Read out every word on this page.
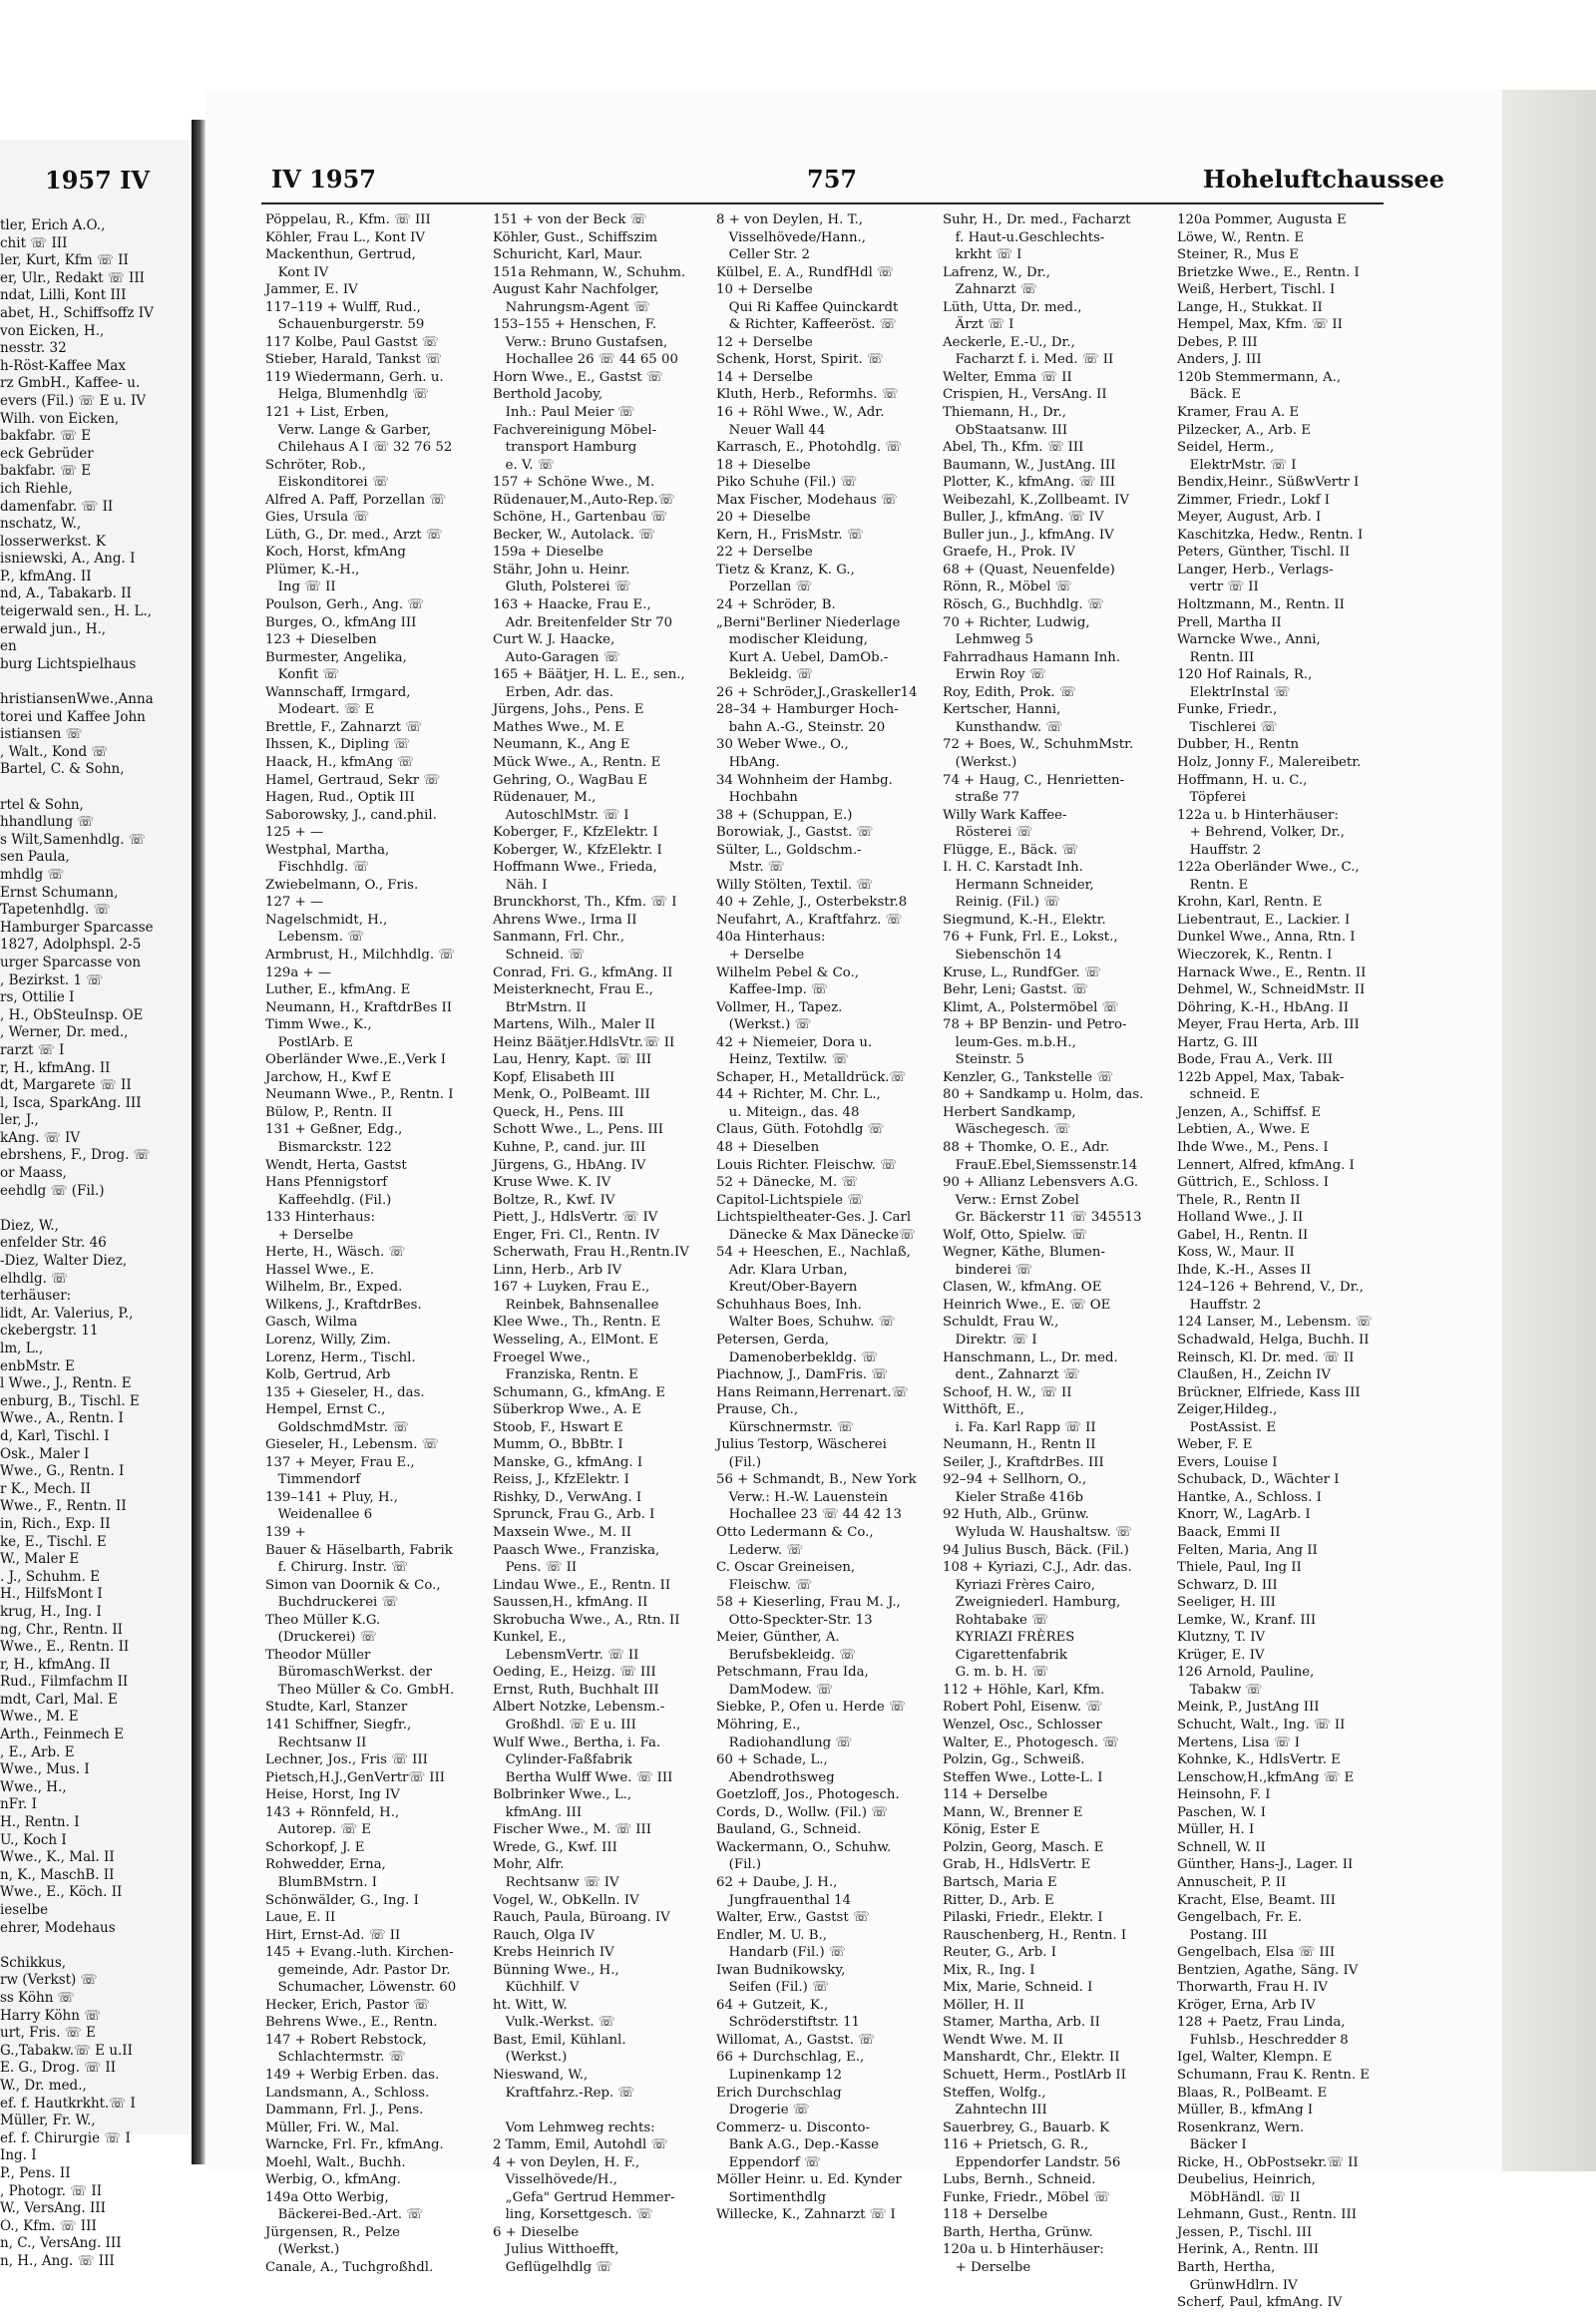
1957 IV
tler, Erich A.O.,
chit ☏ III
ler, Kurt, Kfm ☏ II
er, Ulr., Redakt ☏ III
ndat, Lilli, Kont III
abet, H., Schiffsoffz IV
von Eicken, H.,
nesstr. 32
h-Röst-Kaffee Max
rz GmbH., Kaffee- u.
evers (Fil.) ☏ E u. IV
Wilh. von Eicken,
bakfabr. ☏ E
eck Gebrüder
bakfabr. ☏ E
ich Riehle,
damenfabr. ☏ II
nschatz, W.,
losserwerkst. K
isniewski, A., Ang. I
P., kfmAng. II
nd, A., Tabakarb. II
teigerwald sen., H. L.,
erwald jun., H.,
en
burg Lichtspielhaus

hristiansenWwe.,Anna
torei und Kaffee John
istiansen ☏
, Walt., Kond ☏
Bartel, C. & Sohn,

rtel & Sohn,
hhandlung ☏
s Wilt,Samenhdlg. ☏
sen Paula,
mhdlg ☏
Ernst Schumann,
Tapetenhdlg. ☏
Hamburger Sparcasse
1827, Adolphspl. 2-5
urger Sparcasse von
, Bezirkst. 1 ☏
rs, Ottilie I
, H., ObSteuInsp. OE
, Werner, Dr. med.,
rarzt ☏ I
r, H., kfmAng. II
dt, Margarete ☏ II
l, Isca, SparkAng. III
ler, J.,
kAng. ☏ IV
ebrshens, F., Drog. ☏
or Maass,
eehdlg ☏ (Fil.)

Diez, W.,
enfelder Str. 46
-Diez, Walter Diez,
elhdlg. ☏
terhäuser:
lidt, Ar. Valerius, P.,
ckebergstr. 11
lm, L.,
enbMstr. E
l Wwe., J., Rentn. E
enburg, B., Tischl. E
Wwe., A., Rentn. I
d, Karl, Tischl. I
Osk., Maler I
Wwe., G., Rentn. I
r K., Mech. II
Wwe., F., Rentn. II
in, Rich., Exp. II
ke, E., Tischl. E
W., Maler E
. J., Schuhm. E
H., HilfsMont I
krug, H., Ing. I
ng, Chr., Rentn. II
Wwe., E., Rentn. II
r, H., kfmAng. II
Rud., Filmfachm II
mdt, Carl, Mal. E
Wwe., M. E
Arth., Feinmech E
, E., Arb. E
Wwe., Mus. I
Wwe., H.,
nFr. I
H., Rentn. I
U., Koch I
Wwe., K., Mal. II
n, K., MaschB. II
Wwe., E., Köch. II
ieselbe
ehrer, Modehaus

Schikkus,
rw (Verkst) ☏
ss Köhn ☏
Harry Köhn ☏
urt, Fris. ☏ E
G.,Tabakw.☏ E u.II
E. G., Drog. ☏ II
W., Dr. med.,
ef. f. Hautkrkht.☏ I
Müller, Fr. W.,
ef. f. Chirurgie ☏ I
Ing. I
P., Pens. II
, Photogr. ☏ II
W., VersAng. III
O., Kfm. ☏ III
n, C., VersAng. III
n, H., Ang. ☏ III
IV 1957	757	Hoheluftchaussee
Pöppelau, R., Kfm. ☏ III
Köhler, Frau L., Kont IV
Mackenthun, Gertrud,
Kont IV
Jammer, E. IV
117–119 + Wulff, Rud.,
Schauenburgerstr. 59
117 Kolbe, Paul Gastst ☏
Stieber, Harald, Tankst ☏
119 Wiedermann, Gerh. u.
Helga, Blumenhdlg ☏
121 + List, Erben,
Verw. Lange & Garber,
Chilehaus A I ☏ 32 76 52
Schröter, Rob.,
Eiskonditorei ☏
Alfred A. Paff, Porzellan ☏
Gies, Ursula ☏
Lüth, G., Dr. med., Arzt ☏
Koch, Horst, kfmAng
Plümer, K.-H.,
Ing ☏ II
Poulson, Gerh., Ang. ☏
Burges, O., kfmAng III
123 + Dieselben
Burmester, Angelika,
Konfit ☏
Wannschaff, Irmgard,
Modeart. ☏ E
Brettle, F., Zahnarzt ☏
Ihssen, K., Dipling ☏
Haack, H., kfmAng ☏
Hamel, Gertraud, Sekr ☏
Hagen, Rud., Optik III
Saborowsky, J., cand.phil.
125 + —
Westphal, Martha,
Fischhdlg. ☏
Zwiebelmann, O., Fris.
127 + —
Nagelschmidt, H.,
Lebensm. ☏
Armbrust, H., Milchhdlg. ☏
129a + —
Luther, E., kfmAng. E
Neumann, H., KraftdrBes II
Timm Wwe., K.,
PostlArb. E
Oberländer Wwe.,E.,Verk I
Jarchow, H., Kwf E
Neumann Wwe., P., Rentn. I
Bülow, P., Rentn. II
131 + Geßner, Edg.,
Bismarckstr. 122
Wendt, Herta, Gastst
Hans Pfennigstorf
Kaffeehdlg. (Fil.)
133 Hinterhaus:
+ Derselbe
Herte, H., Wäsch. ☏
Hassel Wwe., E.
Wilhelm, Br., Exped.
Wilkens, J., KraftdrBes.
Gasch, Wilma
Lorenz, Willy, Zim.
Lorenz, Herm., Tischl.
Kolb, Gertrud, Arb
135 + Gieseler, H., das.
Hempel, Ernst C.,
GoldschmdMstr. ☏
Gieseler, H., Lebensm. ☏
137 + Meyer, Frau E.,
Timmendorf
139–141 + Pluy, H.,
Weidenallee 6
139 +
Bauer & Häselbarth, Fabrik
f. Chirurg. Instr. ☏
Simon van Doornik & Co.,
Buchdruckerei ☏
Theo Müller K.G.
(Druckerei) ☏
Theodor Müller
BüromaschWerkst. der
Theo Müller & Co. GmbH.
Studte, Karl, Stanzer
141 Schiffner, Siegfr.,
Rechtsanw II
Lechner, Jos., Fris ☏ III
Pietsch,H.J.,GenVertr☏ III
Heise, Horst, Ing IV
143 + Rönnfeld, H.,
Autorep. ☏ E
Schorkopf, J. E
Rohwedder, Erna,
BlumBMstrn. I
Schönwälder, G., Ing. I
Laue, E. II
Hirt, Ernst-Ad. ☏ II
145 + Evang.-luth. Kirchen-
gemeinde, Adr. Pastor Dr.
Schumacher, Löwenstr. 60
Hecker, Erich, Pastor ☏
Behrens Wwe., E., Rentn.
147 + Robert Rebstock,
Schlachtermstr. ☏
149 + Werbig Erben. das.
Landsmann, A., Schloss.
Dammann, Frl. J., Pens.
Müller, Fri. W., Mal.
Warncke, Frl. Fr., kfmAng.
Moehl, Walt., Buchh.
Werbig, O., kfmAng.
149a Otto Werbig,
Bäckerei-Bed.-Art. ☏
Jürgensen, R., Pelze
(Werkst.)
Canale, A., Tuchgroßhdl.
151 + von der Beck ☏
Köhler, Gust., Schiffszim
Schuricht, Karl, Maur.
151a Rehmann, W., Schuhm.
August Kahr Nachfolger,
Nahrungsm-Agent ☏
153–155 + Henschen, F.
Verw.: Bruno Gustafsen,
Hochallee 26 ☏ 44 65 00
Horn Wwe., E., Gastst ☏
Berthold Jacoby,
Inh.: Paul Meier ☏
Fachvereinigung Möbel-
transport Hamburg
e. V. ☏
157 + Schöne Wwe., M.
Rüdenauer,M.,Auto-Rep.☏
Schöne, H., Gartenbau ☏
Becker, W., Autolack. ☏
159a + Dieselbe
Stähr, John u. Heinr.
Gluth, Polsterei ☏
163 + Haacke, Frau E.,
Adr. Breitenfelder Str 70
Curt W. J. Haacke,
Auto-Garagen ☏
165 + Bäätjer, H. L. E., sen.,
Erben, Adr. das.
Jürgens, Johs., Pens. E
Mathes Wwe., M. E
Neumann, K., Ang E
Mück Wwe., A., Rentn. E
Gehring, O., WagBau E
Rüdenauer, M.,
AutoschlMstr. ☏ I
Koberger, F., KfzElektr. I
Koberger, W., KfzElektr. I
Hoffmann Wwe., Frieda,
Näh. I
Brunckhorst, Th., Kfm. ☏ I
Ahrens Wwe., Irma II
Sanmann, Frl. Chr.,
Schneid. ☏
Conrad, Fri. G., kfmAng. II
Meisterknecht, Frau E.,
BtrMstrn. II
Martens, Wilh., Maler II
Heinz Bäätjer.HdlsVtr.☏ II
Lau, Henry, Kapt. ☏ III
Kopf, Elisabeth III
Menk, O., PolBeamt. III
Queck, H., Pens. III
Schott Wwe., L., Pens. III
Kuhne, P., cand. jur. III
Jürgens, G., HbAng. IV
Kruse Wwe. K. IV
Boltze, R., Kwf. IV
Piett, J., HdlsVertr. ☏ IV
Enger, Fri. Cl., Rentn. IV
Scherwath, Frau H.,Rentn.IV
Linn, Herb., Arb IV
167 + Luyken, Frau E.,
Reinbek, Bahnsenallee
Klee Wwe., Th., Rentn. E
Wesseling, A., ElMont. E
Froegel Wwe.,
Franziska, Rentn. E
Schumann, G., kfmAng. E
Süberkrop Wwe., A. E
Stoob, F., Hswart E
Mumm, O., BbBtr. I
Manske, G., kfmAng. I
Reiss, J., KfzElektr. I
Rishky, D., VerwAng. I
Sprunck, Frau G., Arb. I
Maxsein Wwe., M. II
Paasch Wwe., Franziska,
Pens. ☏ II
Lindau Wwe., E., Rentn. II
Saussen,H., kfmAng. II
Skrobucha Wwe., A., Rtn. II
Kunkel, E.,
LebensmVertr. ☏ II
Oeding, E., Heizg. ☏ III
Ernst, Ruth, Buchhalt III
Albert Notzke, Lebensm.-
Großhdl. ☏ E u. III
Wulf Wwe., Bertha, i. Fa.
Cylinder-Faßfabrik
Bertha Wulff Wwe. ☏ III
Bolbrinker Wwe., L.,
kfmAng. III
Fischer Wwe., M. ☏ III
Wrede, G., Kwf. III
Mohr, Alfr.
Rechtsanw ☏ IV
Vogel, W., ObKelln. IV
Rauch, Paula, Büroang. IV
Rauch, Olga IV
Krebs Heinrich IV
Bünning Wwe., H.,
Küchhilf. V
ht. Witt, W.
Vulk.-Werkst. ☏
Bast, Emil, Kühlanl.
(Werkst.)
Nieswand, W.,
Kraftfahrz.-Rep. ☏

Vom Lehmweg rechts:
2 Tamm, Emil, Autohdl ☏
4 + von Deylen, H. F.,
Visselhövede/H.,
„Gefa" Gertrud Hemmer-
ling, Korsettgesch. ☏
6 + Dieselbe
Julius Witthoefft,
Geflügelhdlg ☏
8 + von Deylen, H. T.,
Visselhövede/Hann.,
Celler Str. 2
Külbel, E. A., RundfHdl ☏
10 + Derselbe
Qui Ri Kaffee Quinckardt
& Richter, Kaffeeröst. ☏
12 + Derselbe
Schenk, Horst, Spirit. ☏
14 + Derselbe
Kluth, Herb., Reformhs. ☏
16 + Röhl Wwe., W., Adr.
Neuer Wall 44
Karrasch, E., Photohdlg. ☏
18 + Dieselbe
Piko Schuhe (Fil.) ☏
Max Fischer, Modehaus ☏
20 + Dieselbe
Kern, H., FrisMstr. ☏
22 + Derselbe
Tietz & Kranz, K. G.,
Porzellan ☏
24 + Schröder, B.
„Berni"Berliner Niederlage
modischer Kleidung,
Kurt A. Uebel, DamOb.-
Bekleidg. ☏
26 + Schröder,J.,Graskeller14
28–34 + Hamburger Hoch-
bahn A.-G., Steinstr. 20
30 Weber Wwe., O.,
HbAng.
34 Wohnheim der Hambg.
Hochbahn
38 + (Schuppan, E.)
Borowiak, J., Gastst. ☏
Sülter, L., Goldschm.-
Mstr. ☏
Willy Stölten, Textil. ☏
40 + Zehle, J., Osterbekstr.8
Neufahrt, A., Kraftfahrz. ☏
40a Hinterhaus:
+ Derselbe
Wilhelm Pebel & Co.,
Kaffee-Imp. ☏
Vollmer, H., Tapez.
(Werkst.) ☏
42 + Niemeier, Dora u.
Heinz, Textilw. ☏
Schaper, H., Metalldrück.☏
44 + Richter, M. Chr. L.,
u. Miteign., das. 48
Claus, Güth. Fotohdlg ☏
48 + Dieselben
Louis Richter. Fleischw. ☏
52 + Dänecke, M. ☏
Capitol-Lichtspiele ☏
Lichtspieltheater-Ges. J. Carl
Dänecke & Max Dänecke☏
54 + Heeschen, E., Nachlaß,
Adr. Klara Urban,
Kreut/Ober-Bayern
Schuhhaus Boes, Inh.
Walter Boes, Schuhw. ☏
Petersen, Gerda,
Damenoberbekldg. ☏
Piachnow, J., DamFris. ☏
Hans Reimann,Herrenart.☏
Prause, Ch.,
Kürschnermstr. ☏
Julius Testorp, Wäscherei
(Fil.)
56 + Schmandt, B., New York
Verw.: H.-W. Lauenstein
Hochallee 23 ☏ 44 42 13
Otto Ledermann & Co.,
Lederw. ☏
C. Oscar Greineisen,
Fleischw. ☏
58 + Kieserling, Frau M. J.,
Otto-Speckter-Str. 13
Meier, Günther, A.
Berufsbekleidg. ☏
Petschmann, Frau Ida,
DamModew. ☏
Siebke, P., Ofen u. Herde ☏
Möhring, E.,
Radiohandlung ☏
60 + Schade, L.,
Abendrothsweg
Goetzloff, Jos., Photogesch.
Cords, D., Wollw. (Fil.) ☏
Bauland, G., Schneid.
Wackermann, O., Schuhw.
(Fil.)
62 + Daube, J. H.,
Jungfrauenthal 14
Walter, Erw., Gastst ☏
Endler, M. U. B.,
Handarb (Fil.) ☏
Iwan Budnikowsky,
Seifen (Fil.) ☏
64 + Gutzeit, K.,
Schröderstiftstr. 11
Willomat, A., Gastst. ☏
66 + Durchschlag, E.,
Lupinenkamp 12
Erich Durchschlag
Drogerie ☏
Commerz- u. Disconto-
Bank A.G., Dep.-Kasse
Eppendorf ☏
Möller Heinr. u. Ed. Kynder
Sortimenthdlg
Willecke, K., Zahnarzt ☏ I
Suhr, H., Dr. med., Facharzt
f. Haut-u.Geschlechts-
krkht ☏ I
Lafrenz, W., Dr.,
Zahnarzt ☏
Lüth, Utta, Dr. med.,
Ärzt ☏ I
Aeckerle, E.-U., Dr.,
Facharzt f. i. Med. ☏ II
Welter, Emma ☏ II
Crispien, H., VersAng. II
Thiemann, H., Dr.,
ObStaatsanw. III
Abel, Th., Kfm. ☏ III
Baumann, W., JustAng. III
Plotter, K., kfmAng. ☏ III
Weibezahl, K.,Zollbeamt. IV
Buller, J., kfmAng. ☏ IV
Buller jun., J., kfmAng. IV
Graefe, H., Prok. IV
68 + (Quast, Neuenfelde)
Rönn, R., Möbel ☏
Rösch, G., Buchhdlg. ☏
70 + Richter, Ludwig,
Lehmweg 5
Fahrradhaus Hamann Inh.
Erwin Roy ☏
Roy, Edith, Prok. ☏
Kertscher, Hanni,
Kunsthandw. ☏
72 + Boes, W., SchuhmMstr.
(Werkst.)
74 + Haug, C., Henrietten-
straße 77
Willy Wark Kaffee-
Rösterei ☏
Flügge, E., Bäck. ☏
I. H. C. Karstadt Inh.
Hermann Schneider,
Reinig. (Fil.) ☏
Siegmund, K.-H., Elektr.
76 + Funk, Frl. E., Lokst.,
Siebenschön 14
Kruse, L., RundfGer. ☏
Behr, Leni; Gastst. ☏
Klimt, A., Polstermöbel ☏
78 + BP Benzin- und Petro-
leum-Ges. m.b.H.,
Steinstr. 5
Kenzler, G., Tankstelle ☏
80 + Sandkamp u. Holm, das.
Herbert Sandkamp,
Wäschegesch. ☏
88 + Thomke, O. E., Adr.
FrauE.Ebel,Siemssenstr.14
90 + Allianz Lebensvers A.G.
Verw.: Ernst Zobel
Gr. Bäckerstr 11 ☏ 345513
Wolf, Otto, Spielw. ☏
Wegner, Käthe, Blumen-
binderei ☏
Clasen, W., kfmAng. OE
Heinrich Wwe., E. ☏ OE
Schuldt, Frau W.,
Direktr. ☏ I
Hanschmann, L., Dr. med.
dent., Zahnarzt ☏
Schoof, H. W., ☏ II
Witthöft, E.,
i. Fa. Karl Rapp ☏ II
Neumann, H., Rentn II
Seiler, J., KraftdrBes. III
92–94 + Sellhorn, O.,
Kieler Straße 416b
92 Huth, Alb., Grünw.
Wyluda W. Haushaltsw. ☏
94 Julius Busch, Bäck. (Fil.)
108 + Kyriazi, C.J., Adr. das.
Kyriazi Frères Cairo,
Zweigniederl. Hamburg,
Rohtabake ☏
KYRIAZI FRÈRES
Cigarettenfabrik
G. m. b. H. ☏
112 + Höhle, Karl, Kfm.
Robert Pohl, Eisenw. ☏
Wenzel, Osc., Schlosser
Walter, E., Photogesch. ☏
Polzin, Gg., Schweiß.
Steffen Wwe., Lotte-L. I
114 + Derselbe
Mann, W., Brenner E
König, Ester E
Polzin, Georg, Masch. E
Grab, H., HdlsVertr. E
Bartsch, Maria E
Ritter, D., Arb. E
Pilaski, Friedr., Elektr. I
Rauschenberg, H., Rentn. I
Reuter, G., Arb. I
Mix, R., Ing. I
Mix, Marie, Schneid. I
Möller, H. II
Stamer, Martha, Arb. II
Wendt Wwe. M. II
Manshardt, Chr., Elektr. II
Schuett, Herm., PostlArb II
Steffen, Wolfg.,
Zahntechn III
Sauerbrey, G., Bauarb. K
116 + Prietsch, G. R.,
Eppendorfer Landstr. 56
Lubs, Bernh., Schneid.
Funke, Friedr., Möbel ☏
118 + Derselbe
Barth, Hertha, Grünw.
120a u. b Hinterhäuser:
+ Derselbe
120a Pommer, Augusta E
Löwe, W., Rentn. E
Steiner, R., Mus E
Brietzke Wwe., E., Rentn. I
Weiß, Herbert, Tischl. I
Lange, H., Stukkat. II
Hempel, Max, Kfm. ☏ II
Debes, P. III
Anders, J. III
120b Stemmermann, A.,
Bäck. E
Kramer, Frau A. E
Pilzecker, A., Arb. E
Seidel, Herm.,
ElektrMstr. ☏ I
Bendix,Heinr., SüßwVertr I
Zimmer, Friedr., Lokf I
Meyer, August, Arb. I
Kaschitzka, Hedw., Rentn. I
Peters, Günther, Tischl. II
Langer, Herb., Verlags-
vertr ☏ II
Holtzmann, M., Rentn. II
Prell, Martha II
Warncke Wwe., Anni,
Rentn. III
120 Hof Rainals, R.,
ElektrInstal ☏
Funke, Friedr.,
Tischlerei ☏
Dubber, H., Rentn
Holz, Jonny F., Malereibetr.
Hoffmann, H. u. C.,
Töpferei
122a u. b Hinterhäuser:
+ Behrend, Volker, Dr.,
Hauffstr. 2
122a Oberländer Wwe., C.,
Rentn. E
Krohn, Karl, Rentn. E
Liebentraut, E., Lackier. I
Dunkel Wwe., Anna, Rtn. I
Wieczorek, K., Rentn. I
Harnack Wwe., E., Rentn. II
Dehmel, W., SchneidMstr. II
Döhring, K.-H., HbAng. II
Meyer, Frau Herta, Arb. III
Hartz, G. III
Bode, Frau A., Verk. III
122b Appel, Max, Tabak-
schneid. E
Jenzen, A., Schiffsf. E
Lebtien, A., Wwe. E
Ihde Wwe., M., Pens. I
Lennert, Alfred, kfmAng. I
Güttrich, E., Schloss. I
Thele, R., Rentn II
Holland Wwe., J. II
Gabel, H., Rentn. II
Koss, W., Maur. II
Ihde, K.-H., Asses II
124–126 + Behrend, V., Dr.,
Hauffstr. 2
124 Lanser, M., Lebensm. ☏
Schadwald, Helga, Buchh. II
Reinsch, Kl. Dr. med. ☏ II
Claußen, H., Zeichn IV
Brückner, Elfriede, Kass III
Zeiger,Hildeg.,
PostAssist. E
Weber, F. E
Evers, Louise I
Schuback, D., Wächter I
Hantke, A., Schloss. I
Knorr, W., LagArb. I
Baack, Emmi II
Felten, Maria, Ang II
Thiele, Paul, Ing II
Schwarz, D. III
Seeliger, H. III
Lemke, W., Kranf. III
Klutzny, T. IV
Krüger, E. IV
126 Arnold, Pauline,
Tabakw ☏
Meink, P., JustAng III
Schucht, Walt., Ing. ☏ II
Mertens, Lisa ☏ I
Kohnke, K., HdlsVertr. E
Lenschow,H.,kfmAng ☏ E
Heinsohn, F. I
Paschen, W. I
Müller, H. I
Schnell, W. II
Günther, Hans-J., Lager. II
Annuscheit, P. II
Kracht, Else, Beamt. III
Gengelbach, Fr. E.
Postang. III
Gengelbach, Elsa ☏ III
Bentzien, Agathe, Säng. IV
Thorwarth, Frau H. IV
Kröger, Erna, Arb IV
128 + Paetz, Frau Linda,
Fuhlsb., Heschredder 8
Igel, Walter, Klempn. E
Schumann, Frau K. Rentn. E
Blaas, R., PolBeamt. E
Müller, B., kfmAng I
Rosenkranz, Wern.
Bäcker I
Ricke, H., ObPostsekr.☏ II
Deubelius, Heinrich,
MöbHändl. ☏ II
Lehmann, Gust., Rentn. III
Jessen, P., Tischl. III
Herink, A., Rentn. III
Barth, Hertha,
GrünwHdlrn. IV
Scherf, Paul, kfmAng. IV
